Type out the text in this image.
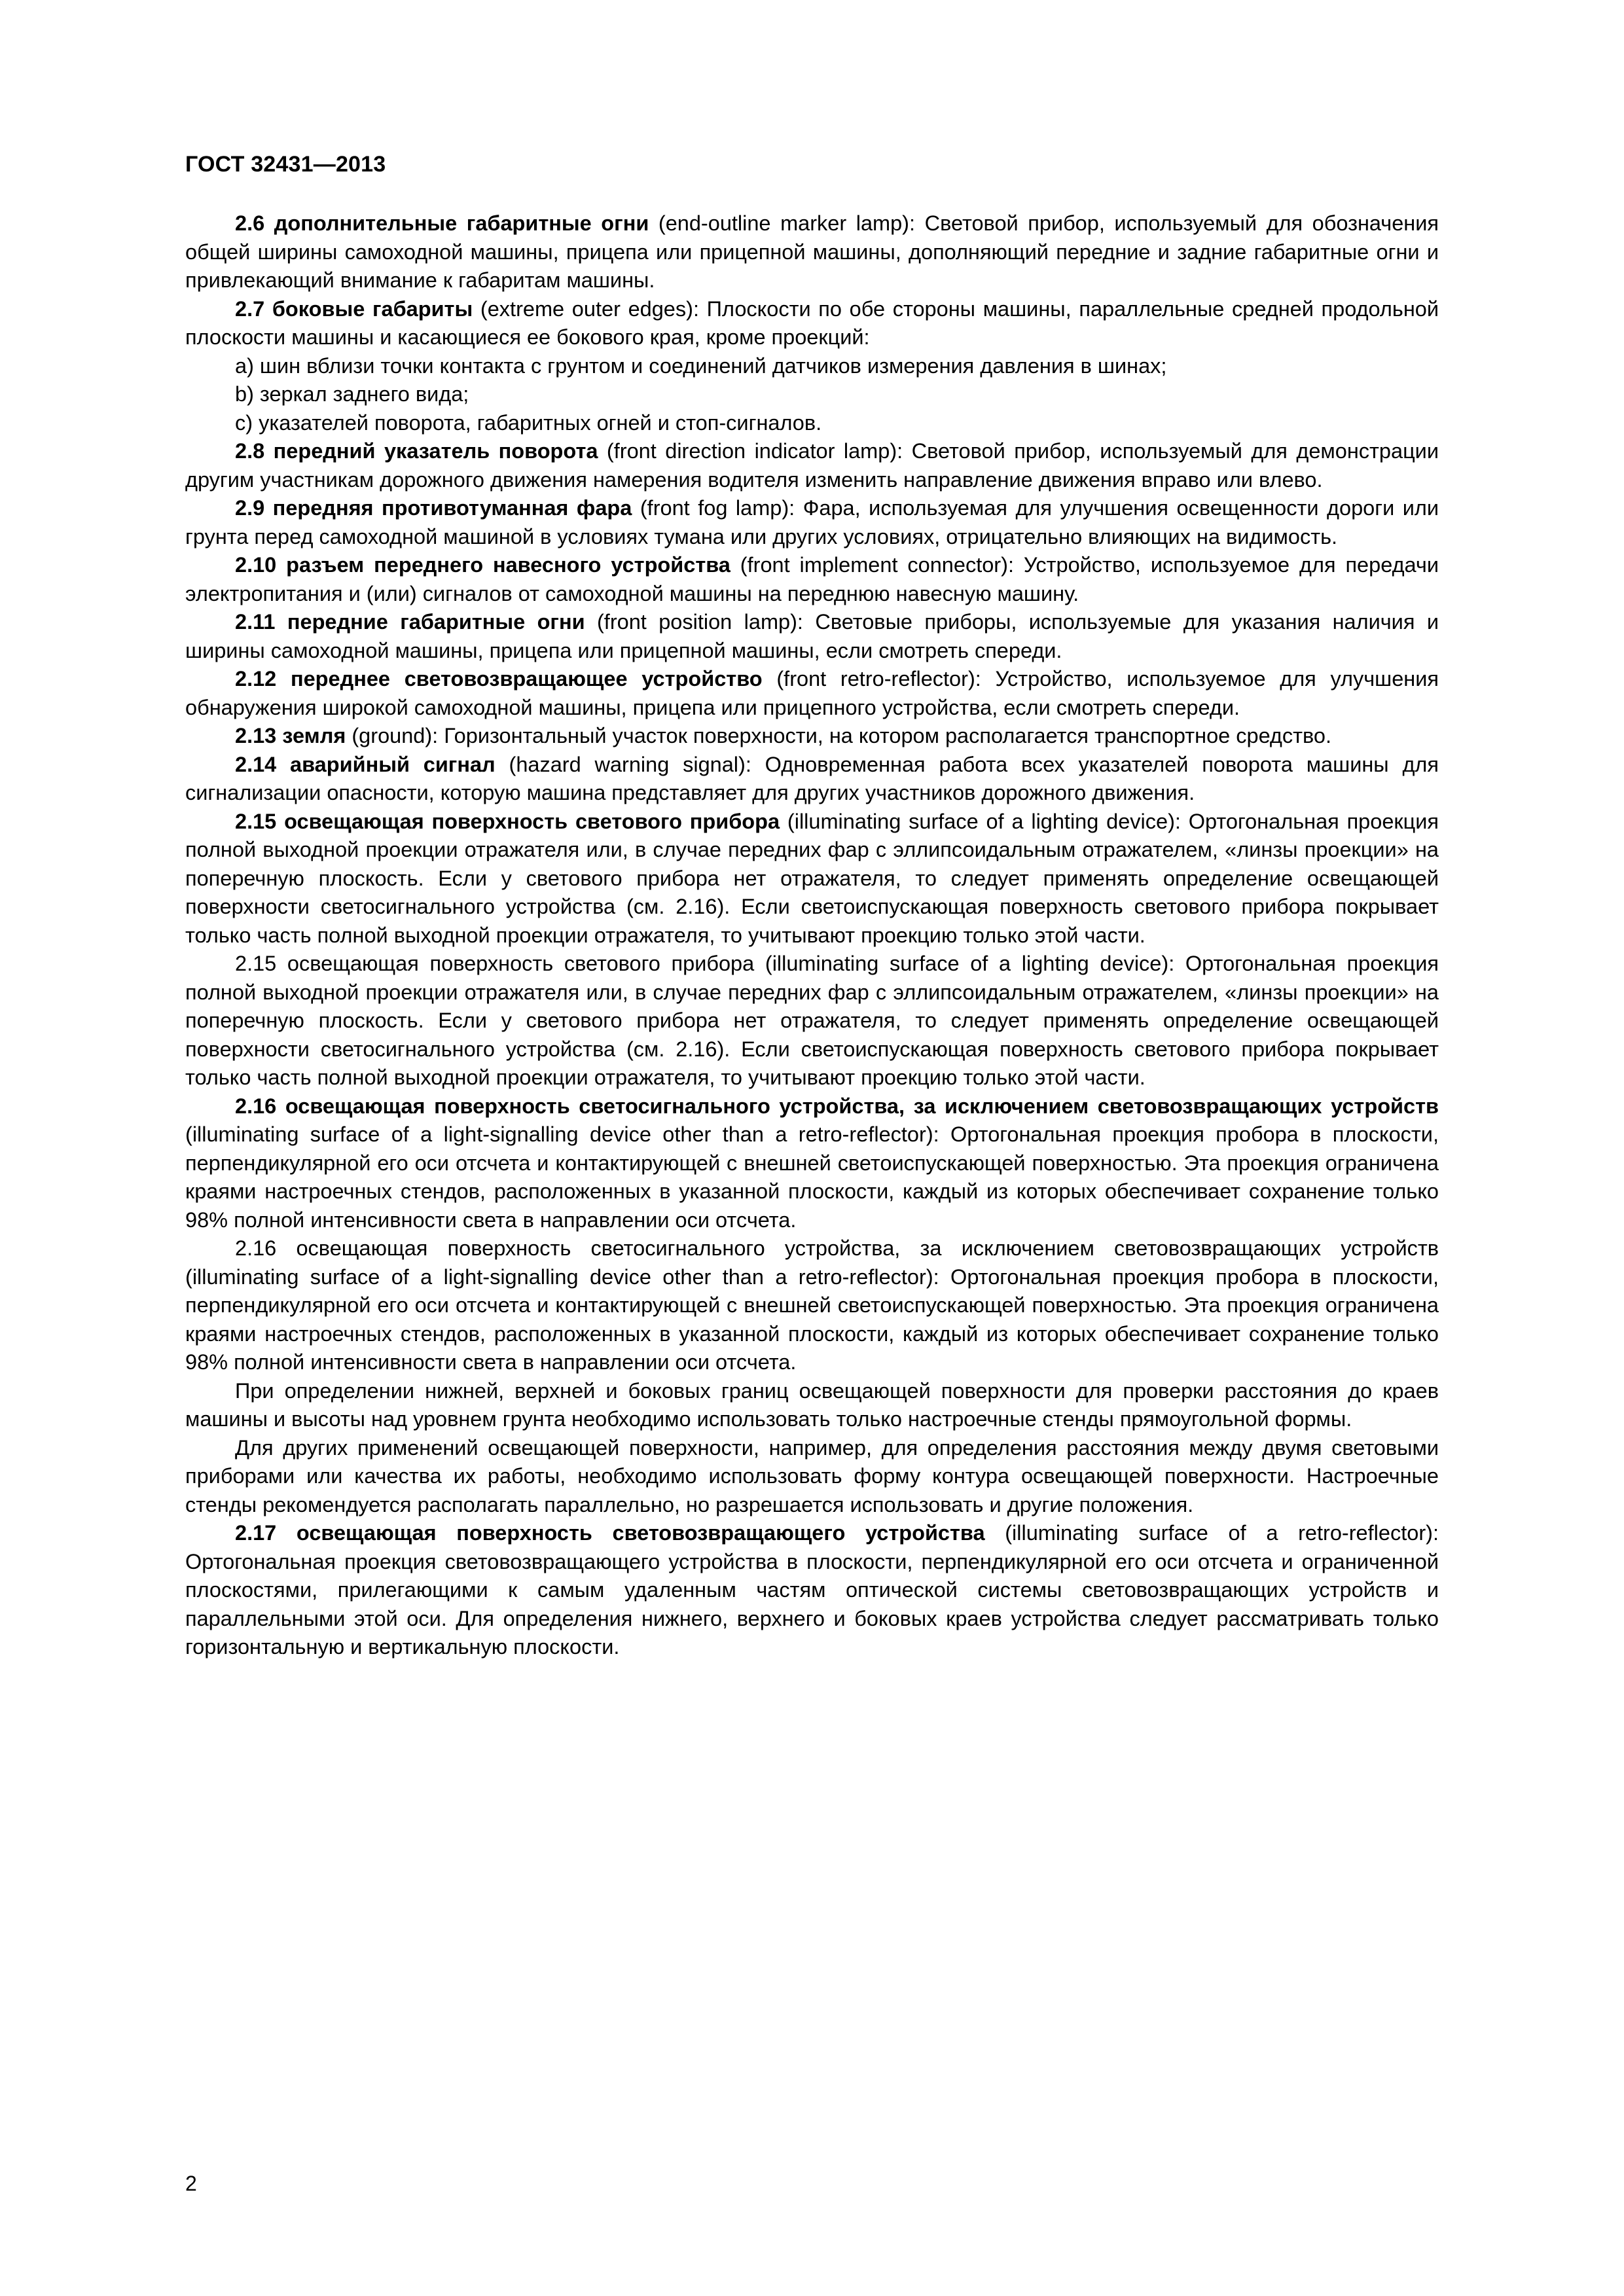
ГОСТ 32431—2013

2.6 дополнительные габаритные огни (end-outline marker lamp): Световой прибор, используемый для обозначения общей ширины самоходной машины, прицепа или прицепной машины, дополняющий передние и задние габаритные огни и привлекающий внимание к габаритам машины.

2.7 боковые габариты (extreme outer edges): Плоскости по обе стороны машины, параллельные средней продольной плоскости машины и касающиеся ее бокового края, кроме проекций:

a) шин вблизи точки контакта с грунтом и соединений датчиков измерения давления в шинах;

b) зеркал заднего вида;

c) указателей поворота, габаритных огней и стоп-сигналов.

2.8 передний указатель поворота (front direction indicator lamp): Световой прибор, используемый для демонстрации другим участникам дорожного движения намерения водителя изменить направление движения вправо или влево.

2.9 передняя противотуманная фара (front fog lamp): Фара, используемая для улучшения освещенности дороги или грунта перед самоходной машиной в условиях тумана или других условиях, отрицательно влияющих на видимость.

2.10 разъем переднего навесного устройства (front implement connector): Устройство, используемое для передачи электропитания и (или) сигналов от самоходной машины на переднюю навесную машину.

2.11 передние габаритные огни (front position lamp): Световые приборы, используемые для указания наличия и ширины самоходной машины, прицепа или прицепной машины, если смотреть спереди.

2.12 переднее световозвращающее устройство (front retro-reflector): Устройство, используемое для улучшения обнаружения широкой самоходной машины, прицепа или прицепного устройства, если смотреть спереди.

2.13 земля (ground): Горизонтальный участок поверхности, на котором располагается транспортное средство.

2.14 аварийный сигнал (hazard warning signal): Одновременная работа всех указателей поворота машины для сигнализации опасности, которую машина представляет для других участников дорожного движения.

2.15 освещающая поверхность светового прибора (illuminating surface of a lighting device): Ортогональная проекция полной выходной проекции отражателя или, в случае передних фар с эллипсоидальным отражателем, «линзы проекции» на поперечную плоскость. Если у светового прибора нет отражателя, то следует применять определение освещающей поверхности светосигнального устройства (см. 2.16). Если светоиспускающая поверхность светового прибора покрывает только часть полной выходной проекции отражателя, то учитывают проекцию только этой части.

2.15 освещающая поверхность светового прибора (illuminating surface of a lighting device): Ортогональная проекция полной выходной проекции отражателя или, в случае передних фар с эллипсоидальным отражателем, «линзы проекции» на поперечную плоскость. Если у светового прибора нет отражателя, то следует применять определение освещающей поверхности светосигнального устройства (см. 2.16). Если светоиспускающая поверхность светового прибора покрывает только часть полной выходной проекции отражателя, то учитывают проекцию только этой части.

2.16 освещающая поверхность светосигнального устройства, за исключением световозвращающих устройств (illuminating surface of a light-signalling device other than a retro-reflector): Ортогональная проекция пробора в плоскости, перпендикулярной его оси отсчета и контактирующей с внешней светоиспускающей поверхностью. Эта проекция ограничена краями настроечных стендов, расположенных в указанной плоскости, каждый из которых обеспечивает сохранение только 98% полной интенсивности света в направлении оси отсчета.

2.16 освещающая поверхность светосигнального устройства, за исключением световозвращающих устройств (illuminating surface of a light-signalling device other than a retro-reflector): Ортогональная проекция пробора в плоскости, перпендикулярной его оси отсчета и контактирующей с внешней светоиспускающей поверхностью. Эта проекция ограничена краями настроечных стендов, расположенных в указанной плоскости, каждый из которых обеспечивает сохранение только 98% полной интенсивности света в направлении оси отсчета.

При определении нижней, верхней и боковых границ освещающей поверхности для проверки расстояния до краев машины и высоты над уровнем грунта необходимо использовать только настроечные стенды прямоугольной формы.

Для других применений освещающей поверхности, например, для определения расстояния между двумя световыми приборами или качества их работы, необходимо использовать форму контура освещающей поверхности. Настроечные стенды рекомендуется располагать параллельно, но разрешается использовать и другие положения.

2.17 освещающая поверхность световозвращающего устройства (illuminating surface of a retro-reflector): Ортогональная проекция световозвращающего устройства в плоскости, перпендикулярной его оси отсчета и ограниченной плоскостями, прилегающими к самым удаленным частям оптической системы световозвращающих устройств и параллельными этой оси. Для определения нижнего, верхнего и боковых краев устройства следует рассматривать только горизонтальную и вертикальную плоскости.

2
